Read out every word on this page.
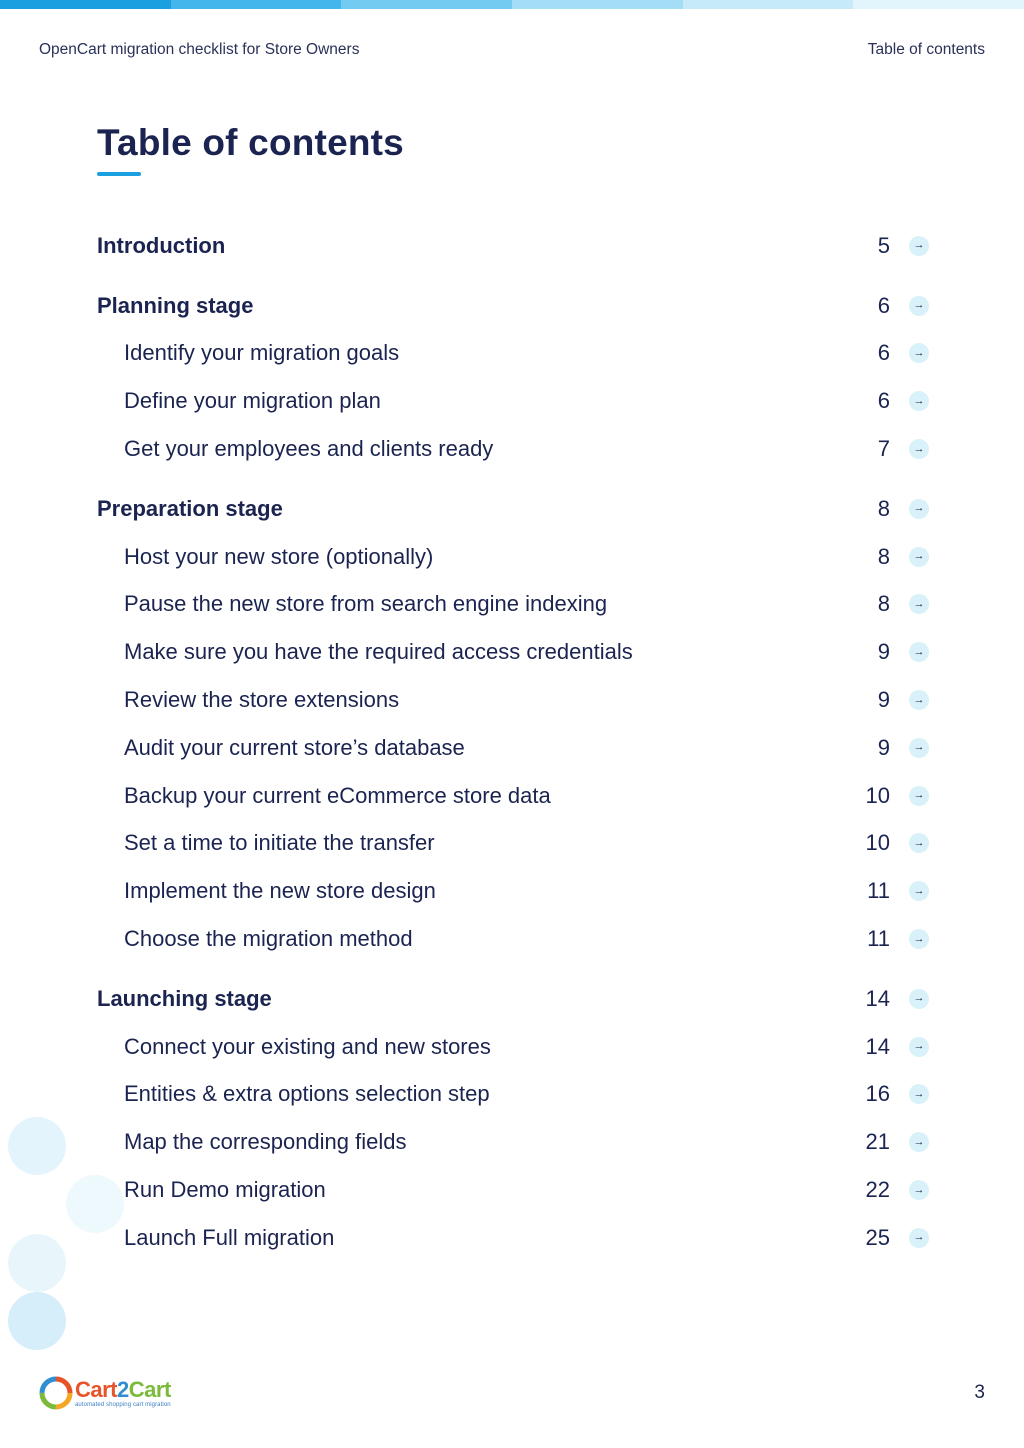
OpenCart migration checklist for Store Owners	Table of contents
Table of contents
Introduction	5	→
Planning stage	6	→
Identify your migration goals	6	→
Define your migration plan	6	→
Get your employees and clients ready	7	→
Preparation stage	8	→
Host your new store (optionally)	8	→
Pause the new store from search engine indexing	8	→
Make sure you have the required access credentials	9	→
Review the store extensions	9	→
Audit your current store’s database	9	→
Backup your current eCommerce store data	10	→
Set a time to initiate the transfer	10	→
Implement the new store design	11	→
Choose the migration method	11	→
Launching stage	14	→
Connect your existing and new stores	14	→
Entities & extra options selection step	16	→
Map the corresponding fields	21	→
Run Demo migration	22	→
Launch Full migration	25	→
Cart2Cart
automated shopping cart migration
3
